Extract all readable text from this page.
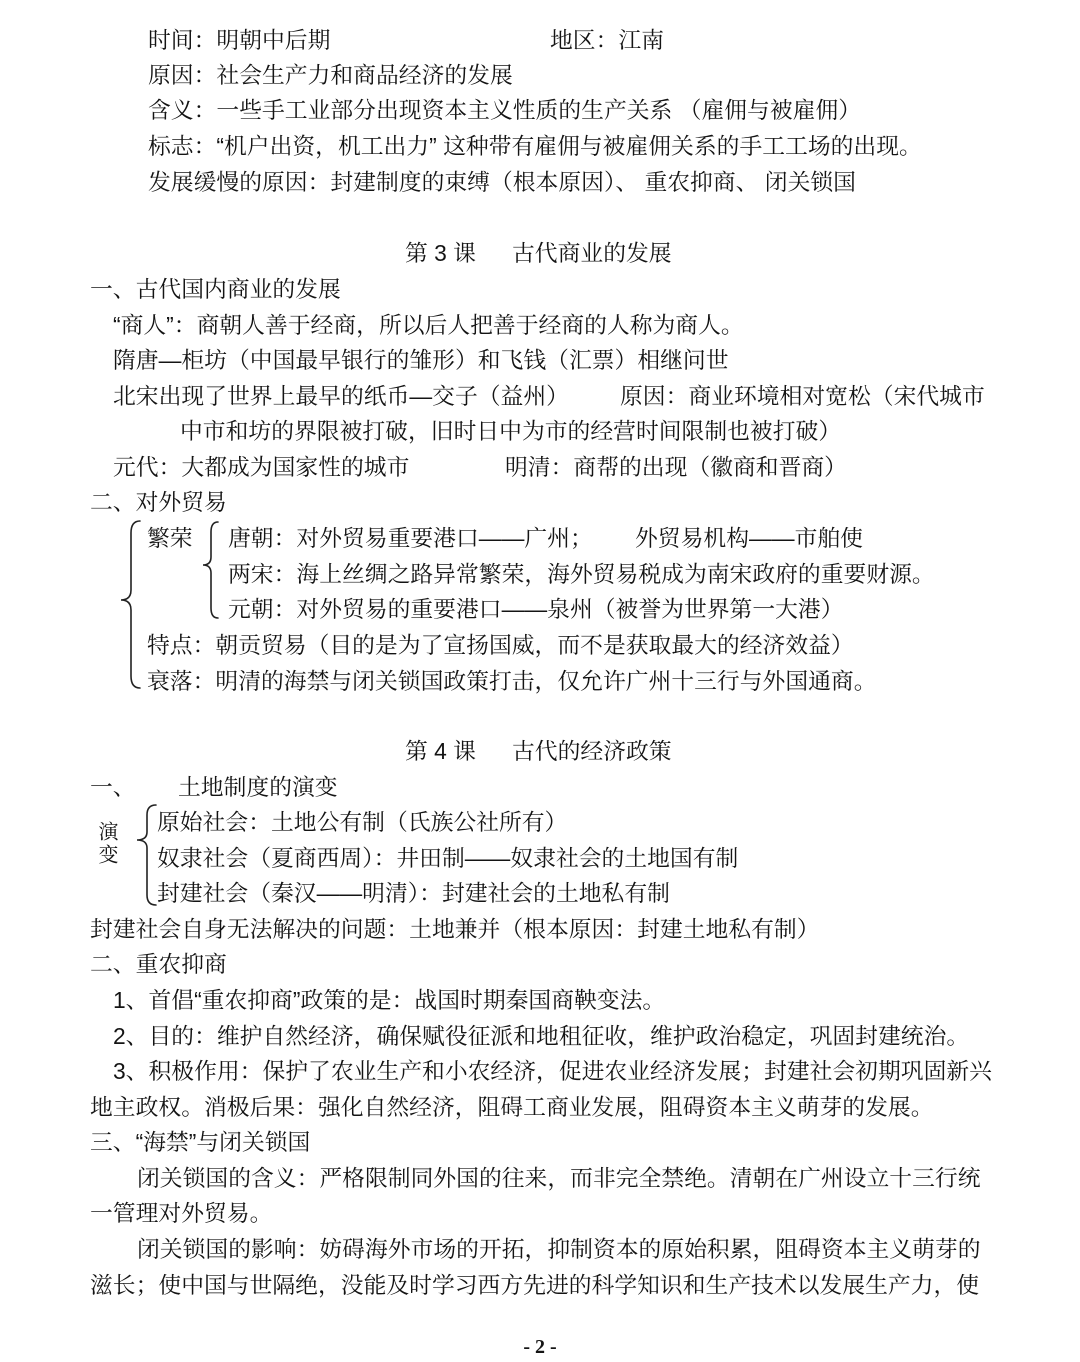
时间：明朝中后期	地区：江南
原因：社会生产力和商品经济的发展
含义：一些手工业部分出现资本主义性质的生产关系 （雇佣与被雇佣）
标志：“机户出资，机工出力” 这种带有雇佣与被雇佣关系的手工工场的出现。
发展缓慢的原因：封建制度的束缚（根本原因）、 重农抑商、 闭关锁国
第 3 课 古代商业的发展
一、古代国内商业的发展
“商人”：商朝人善于经商，所以后人把善于经商的人称为商人。
隋唐—柜坊（中国最早银行的雏形）和飞钱（汇票）相继问世
北宋出现了世界上最早的纸币—交子（益州） 原因：商业环境相对宽松（宋代城市
中市和坊的界限被打破，旧时日中为市的经营时间限制也被打破）
元代：大都成为国家性的城市	明清：商帮的出现（徽商和晋商）
二、对外贸易
繁荣 唐朝：对外贸易重要港口——广州； 外贸易机构——市舶使
两宋：海上丝绸之路异常繁荣，海外贸易税成为南宋政府的重要财源。
元朝：对外贸易的重要港口——泉州（被誉为世界第一大港）
特点：朝贡贸易（目的是为了宣扬国威，而不是获取最大的经济效益）
衰落：明清的海禁与闭关锁国政策打击，仅允许广州十三行与外国通商。
第 4 课 古代的经济政策
一、 土地制度的演变
演变 原始社会：土地公有制（氏族公社所有）
奴隶社会（夏商西周）：井田制——奴隶社会的土地国有制
封建社会（秦汉——明清）：封建社会的土地私有制
封建社会自身无法解决的问题：土地兼并（根本原因：封建土地私有制）
二、重农抑商
1、首倡“重农抑商”政策的是：战国时期秦国商鞅变法。
2、目的：维护自然经济，确保赋役征派和地租征收，维护政治稳定，巩固封建统治。
3、积极作用：保护了农业生产和小农经济，促进农业经济发展；封建社会初期巩固新兴
地主政权。消极后果：强化自然经济，阻碍工商业发展，阻碍资本主义萌芽的发展。
三、“海禁”与闭关锁国
闭关锁国的含义：严格限制同外国的往来，而非完全禁绝。清朝在广州设立十三行统
一管理对外贸易。
闭关锁国的影响：妨碍海外市场的开拓，抑制资本的原始积累，阻碍资本主义萌芽的
滋长；使中国与世隔绝，没能及时学习西方先进的科学知识和生产技术以发展生产力，使
- 2 -
